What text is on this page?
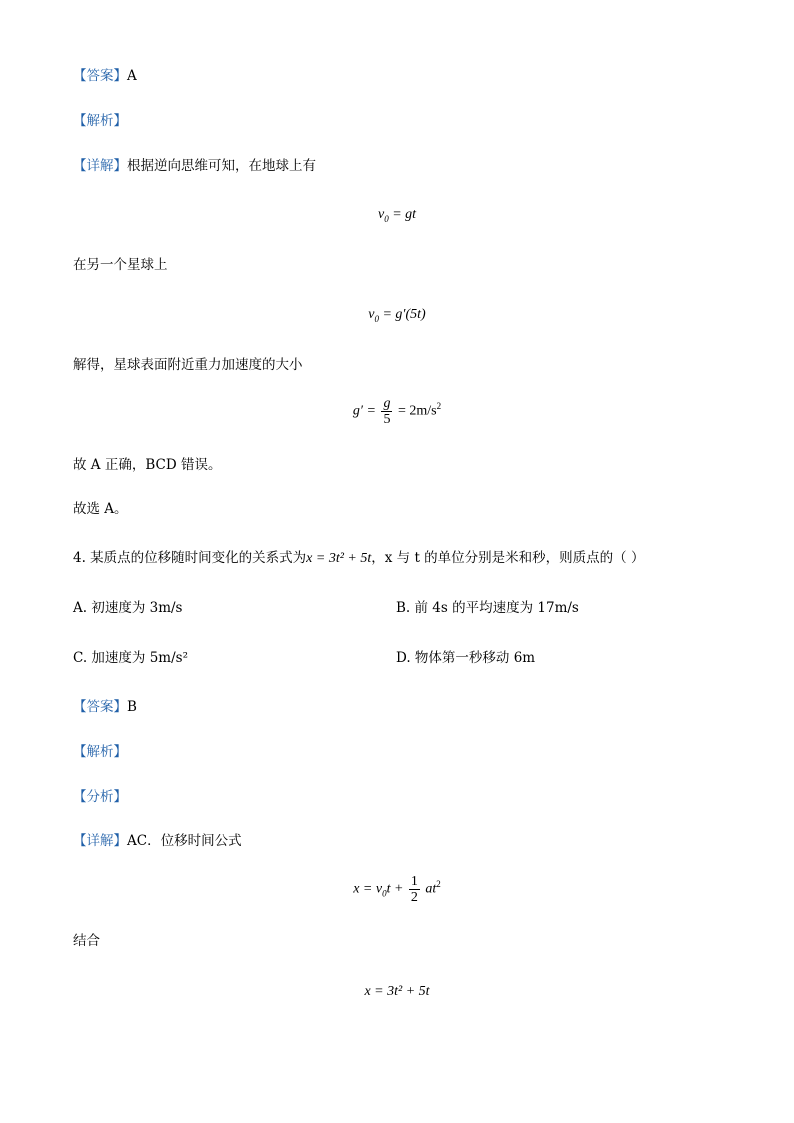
【答案】A
【解析】
【详解】根据逆向思维可知，在地球上有
$v_0$ = gt
在另一个星球上
$v_0 = g'(5t)$
解得，星球表面附近重力加速度的大小
$g' = \frac{g}{5} = 2m/s^2$
故 A 正确，BCD 错误。
故选 A。
4. 某质点的位移随时间变化的关系式为x = 3t² + 5t，x 与 t 的单位分别是米和秒，则质点的（ ）
A. 初速度为 3m/s	B. 前 4s 的平均速度为 17m/s
C. 加速度为 5m/s²	D. 物体第一秒移动 6m
【答案】B
【解析】
【分析】
【详解】AC．位移时间公式
$x = v_0t + \frac{1}{2} at^2$
结合
x = 3t² + 5t
